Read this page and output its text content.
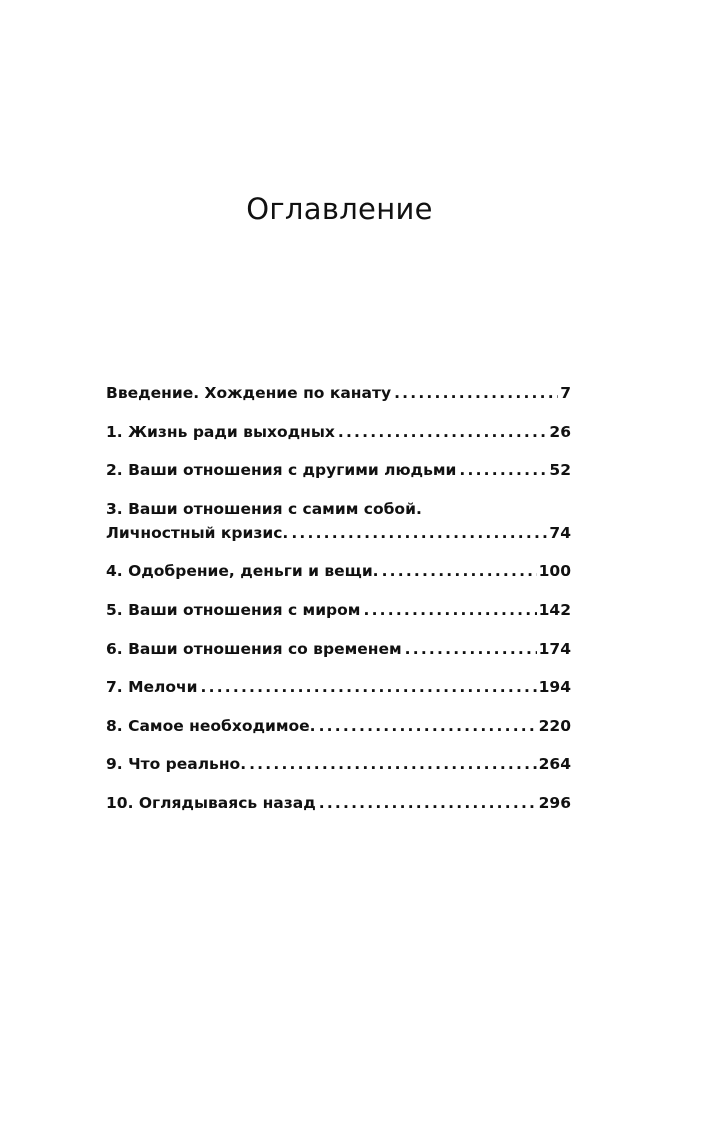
Оглавление
Введение. Хождение по канату .....	7
1. Жизнь ради выходных .....	26
2. Ваши отношения с другими людьми .....	52
3. Ваши отношения с самим собой.
Личностный кризис. .....	74
4. Одобрение, деньги и вещи. .....	100
5. Ваши отношения с миром .....	142
6. Ваши отношения со временем .....	174
7. Мелочи .....	194
8. Самое необходимое. .....	220
9. Что реально. .....	264
10. Оглядываясь назад .....	296
